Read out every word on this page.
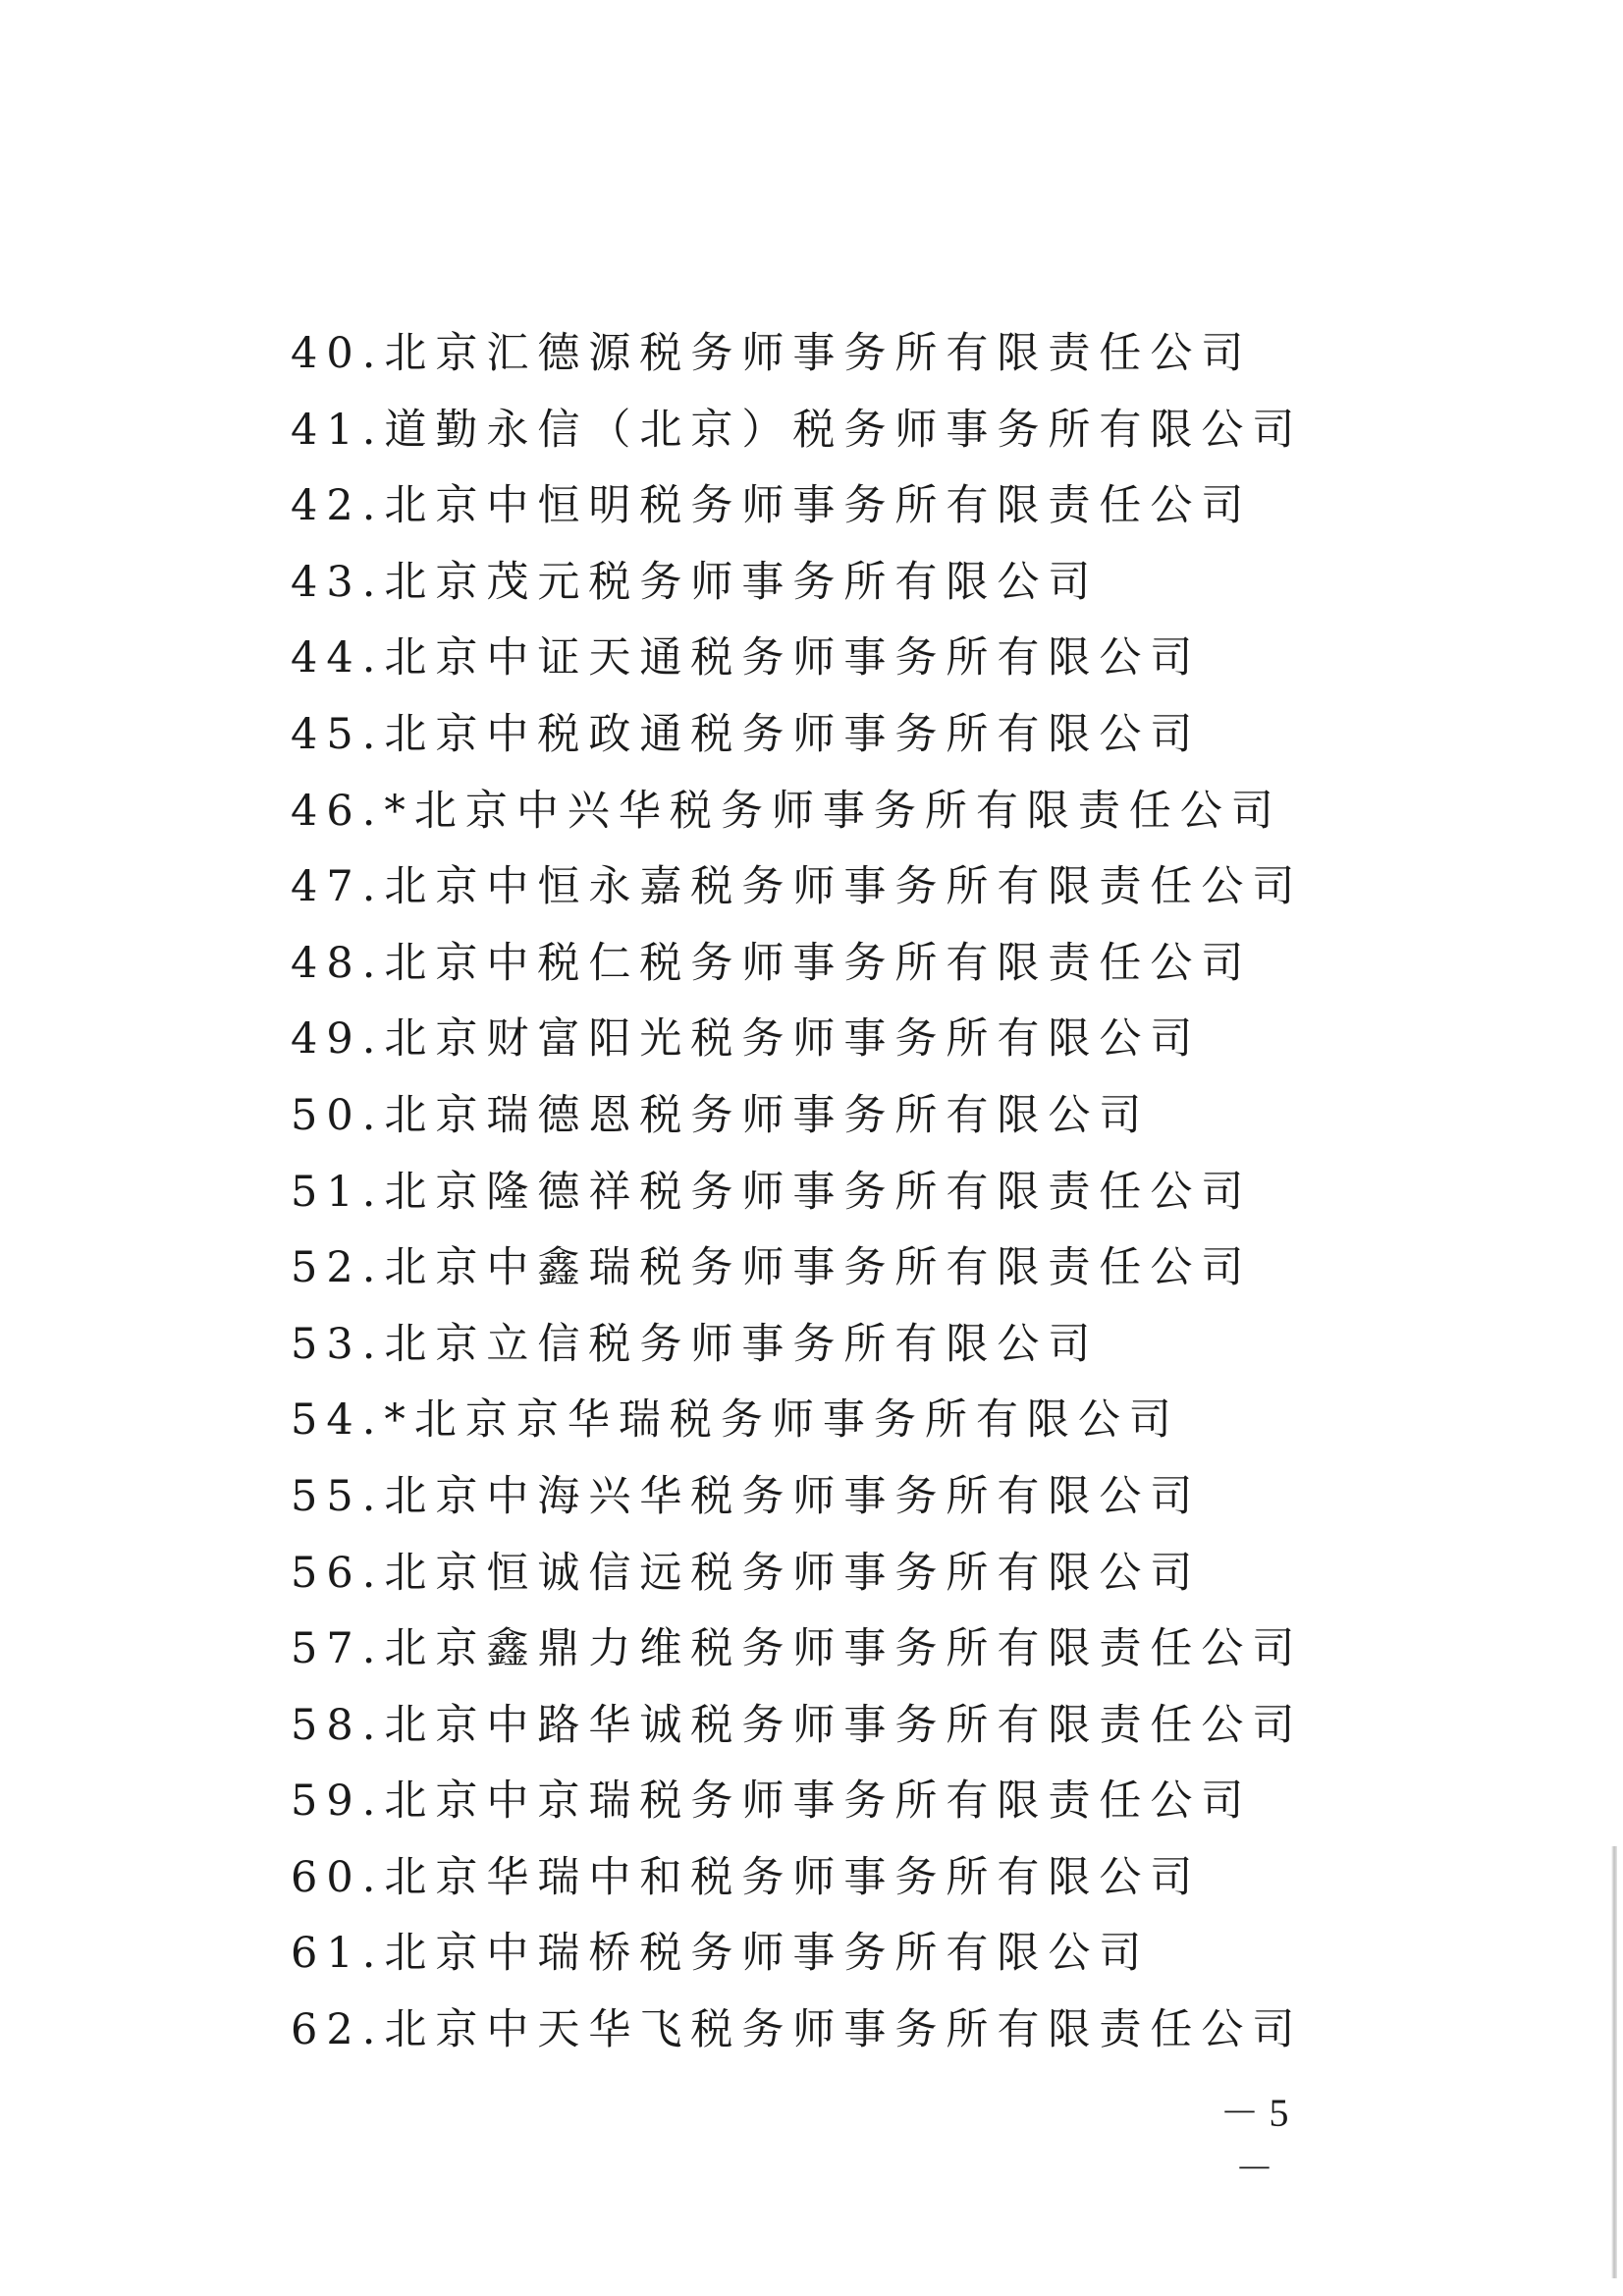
40.北京汇德源税务师事务所有限责任公司
41.道勤永信（北京）税务师事务所有限公司
42.北京中恒明税务师事务所有限责任公司
43.北京茂元税务师事务所有限公司
44.北京中证天通税务师事务所有限公司
45.北京中税政通税务师事务所有限公司
46.*北京中兴华税务师事务所有限责任公司
47.北京中恒永嘉税务师事务所有限责任公司
48.北京中税仁税务师事务所有限责任公司
49.北京财富阳光税务师事务所有限公司
50.北京瑞德恩税务师事务所有限公司
51.北京隆德祥税务师事务所有限责任公司
52.北京中鑫瑞税务师事务所有限责任公司
53.北京立信税务师事务所有限公司
54.*北京京华瑞税务师事务所有限公司
55.北京中海兴华税务师事务所有限公司
56.北京恒诚信远税务师事务所有限公司
57.北京鑫鼎力维税务师事务所有限责任公司
58.北京中路华诚税务师事务所有限责任公司
59.北京中京瑞税务师事务所有限责任公司
60.北京华瑞中和税务师事务所有限公司
61.北京中瑞桥税务师事务所有限公司
62.北京中天华飞税务师事务所有限责任公司
－ 5 －
